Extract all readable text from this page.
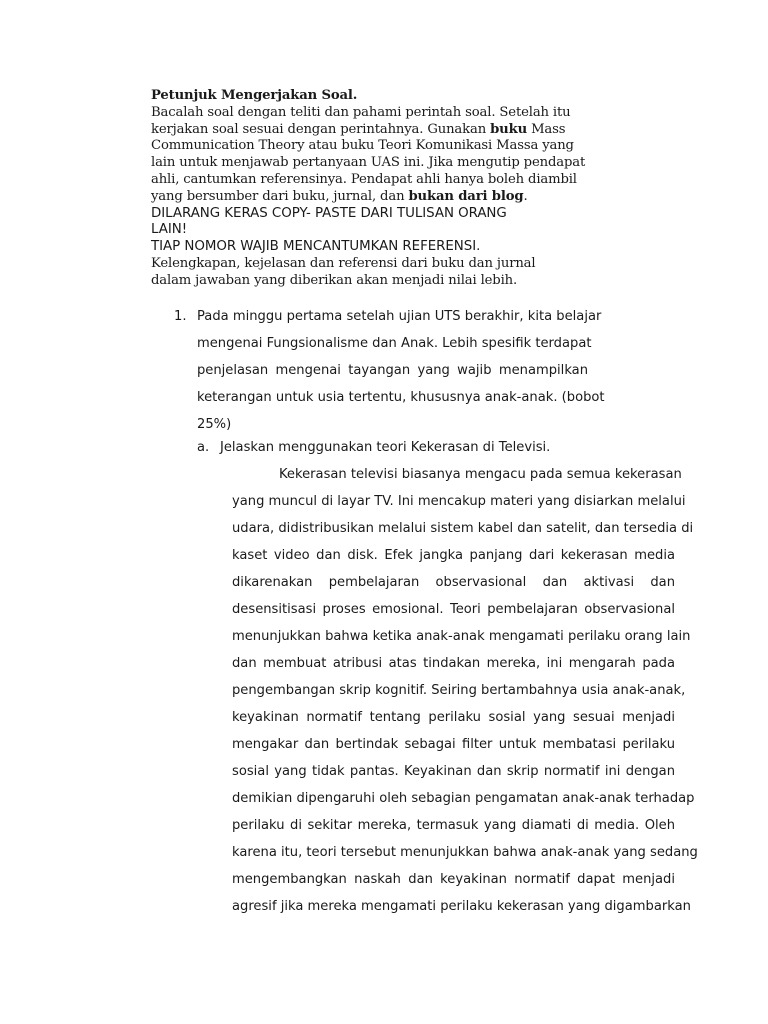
Petunjuk Mengerjakan Soal.
Bacalah soal dengan teliti dan pahami perintah soal. Setelah itu
kerjakan soal sesuai dengan perintahnya. Gunakan buku Mass
Communication Theory atau buku Teori Komunikasi Massa yang
lain untuk menjawab pertanyaan UAS ini. Jika mengutip pendapat
ahli, cantumkan referensinya. Pendapat ahli hanya boleh diambil
yang bersumber dari buku, jurnal, dan bukan dari blog.
DILARANG KERAS COPY- PASTE DARI TULISAN ORANG
LAIN!
TIAP NOMOR WAJIB MENCANTUMKAN REFERENSI.
Kelengkapan, kejelasan dan referensi dari buku dan jurnal
dalam jawaban yang diberikan akan menjadi nilai lebih.
1. Pada minggu pertama setelah ujian UTS berakhir, kita belajar
mengenai Fungsionalisme dan Anak. Lebih spesifik terdapat
penjelasan mengenai tayangan yang wajib menampilkan
keterangan untuk usia tertentu, khususnya anak-anak. (bobot
25%)
a. Jelaskan menggunakan teori Kekerasan di Televisi.
Kekerasan televisi biasanya mengacu pada semua kekerasan
yang muncul di layar TV. Ini mencakup materi yang disiarkan melalui
udara, didistribusikan melalui sistem kabel dan satelit, dan tersedia di
kaset video dan disk. Efek jangka panjang dari kekerasan media
dikarenakan pembelajaran observasional dan aktivasi dan
desensitisasi proses emosional. Teori pembelajaran observasional
menunjukkan bahwa ketika anak-anak mengamati perilaku orang lain
dan membuat atribusi atas tindakan mereka, ini mengarah pada
pengembangan skrip kognitif. Seiring bertambahnya usia anak-anak,
keyakinan normatif tentang perilaku sosial yang sesuai menjadi
mengakar dan bertindak sebagai filter untuk membatasi perilaku
sosial yang tidak pantas. Keyakinan dan skrip normatif ini dengan
demikian dipengaruhi oleh sebagian pengamatan anak-anak terhadap
perilaku di sekitar mereka, termasuk yang diamati di media. Oleh
karena itu, teori tersebut menunjukkan bahwa anak-anak yang sedang
mengembangkan naskah dan keyakinan normatif dapat menjadi
agresif jika mereka mengamati perilaku kekerasan yang digambarkan
